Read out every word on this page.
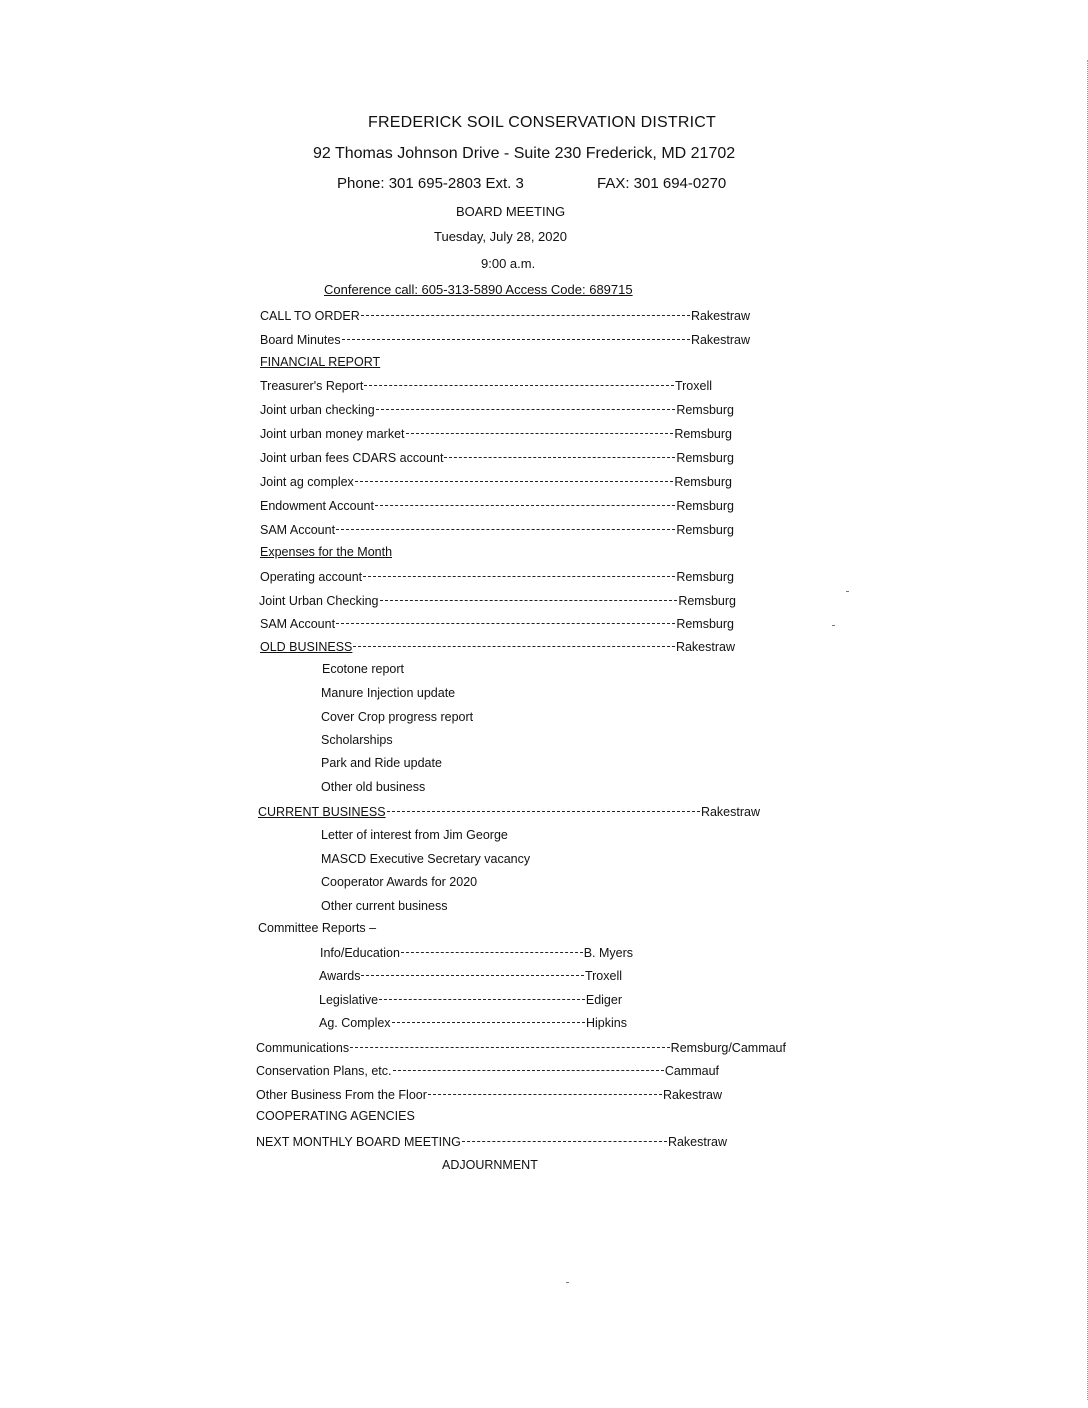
FREDERICK SOIL CONSERVATION DISTRICT
92 Thomas Johnson Drive - Suite 230 Frederick, MD 21702
Phone: 301 695-2803 Ext. 3	FAX: 301 694-0270
BOARD MEETING
Tuesday, July 28, 2020
9:00 a.m.
Conference call: 605-313-5890 Access Code: 689715
CALL TO ORDER	Rakestraw
Board Minutes	Rakestraw
FINANCIAL REPORT
Treasurer's Report	Troxell
Joint urban checking	Remsburg
Joint urban money market	Remsburg
Joint urban fees CDARS account	Remsburg
Joint ag complex	Remsburg
Endowment Account	Remsburg
SAM Account	Remsburg
Expenses for the Month
Operating account	Remsburg
Joint Urban Checking	Remsburg
SAM Account	Remsburg
OLD BUSINESS	Rakestraw
Ecotone report
Manure Injection update
Cover Crop progress report
Scholarships
Park and Ride update
Other old business
CURRENT BUSINESS	Rakestraw
Letter of interest from Jim George
MASCD Executive Secretary vacancy
Cooperator Awards for 2020
Other current business
Committee Reports –
Info/Education	B. Myers
Awards	Troxell
Legislative	Ediger
Ag. Complex	Hipkins
Communications	Remsburg/Cammauf
Conservation Plans, etc.	Cammauf
Other Business From the Floor	Rakestraw
COOPERATING AGENCIES
NEXT MONTHLY BOARD MEETING	Rakestraw
ADJOURNMENT
